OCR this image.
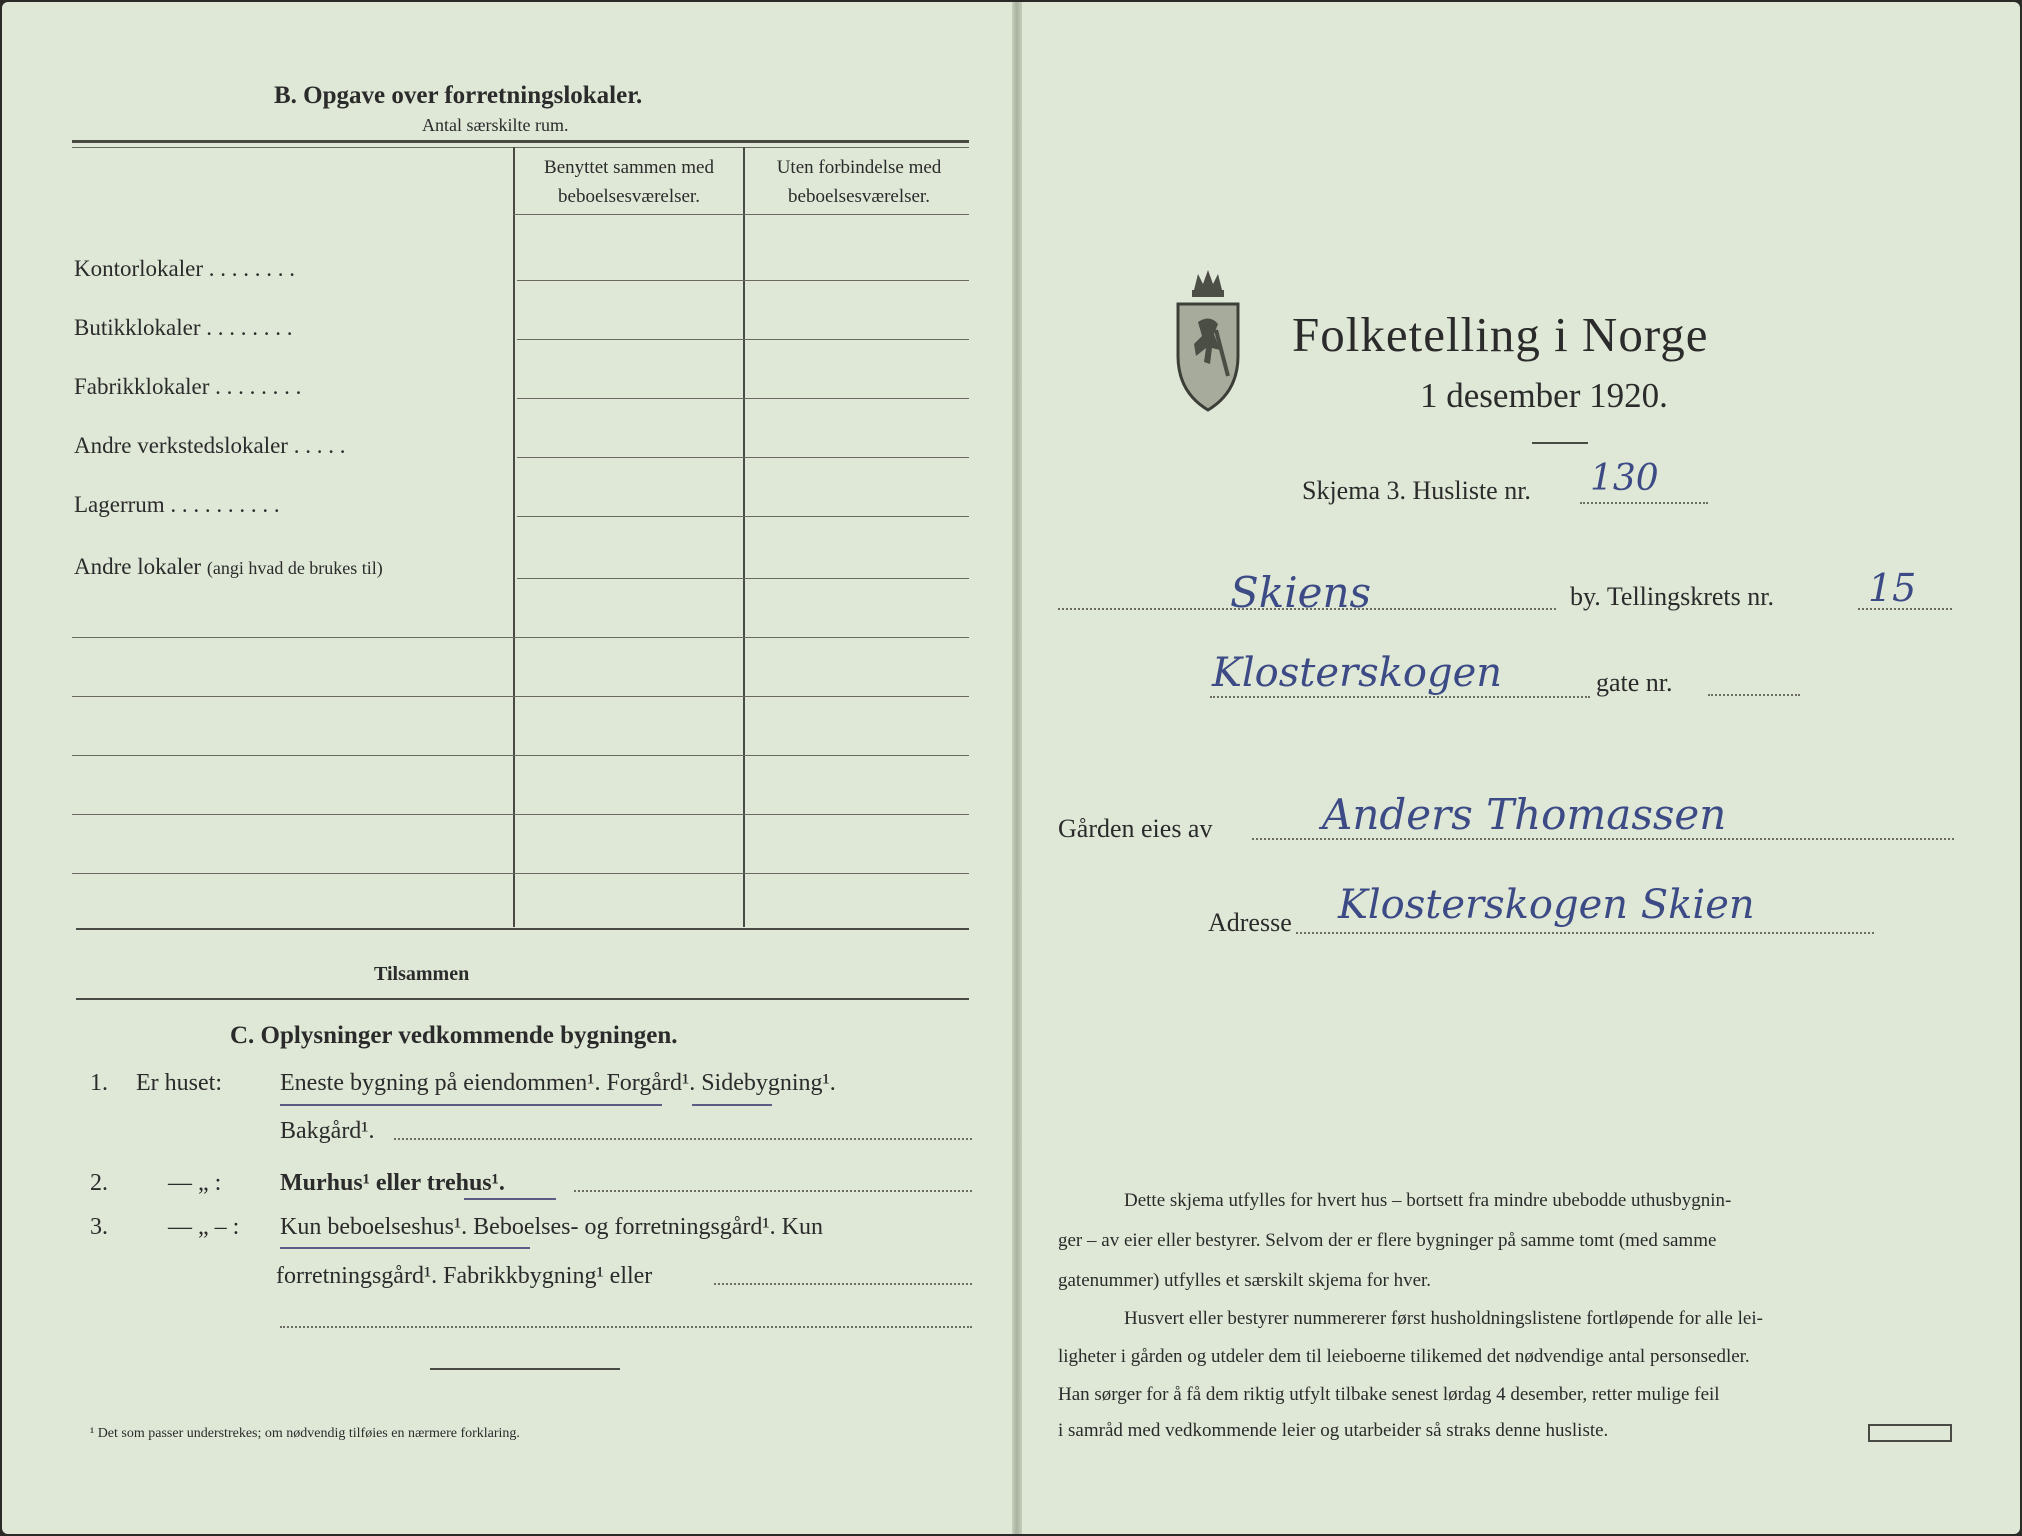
B. Opgave over forretningslokaler.
Antal særskilte rum.
Benyttet sammen med
beboelsesværelser.
Uten forbindelse med
beboelsesværelser.
Kontorlokaler . . . . . . . .
Butikklokaler . . . . . . . .
Fabrikklokaler . . . . . . . .
Andre verkstedslokaler . . . . .
Lagerrum . . . . . . . . . .
Andre lokaler (angi hvad de brukes til)
Tilsammen
C. Oplysninger vedkommende bygningen.
1. Er huset: Eneste bygning på eiendommen¹. Forgård¹. Sidebygning¹.
Bakgård¹.
2.	— „ : Murhus¹ eller trehus¹.
3.	— „ – : Kun beboelseshus¹. Beboelses- og forretningsgård¹. Kun
forretningsgård¹. Fabrikkbygning¹ eller
¹ Det som passer understrekes; om nødvendig tilføies en nærmere forklaring.
Folketelling i Norge
1 desember 1920.
Skjema 3. Husliste nr. 130
Skiens	by. Tellingskrets nr. 15
Klosterskogen	gate nr.
Gården eies av	Anders Thomassen
Adresse Klosterskogen Skien
Dette skjema utfylles for hvert hus – bortsett fra mindre ubebodde uthusbygnin-
ger – av eier eller bestyrer. Selvom der er flere bygninger på samme tomt (med samme
gatenummer) utfylles et særskilt skjema for hver.
Husvert eller bestyrer nummererer først husholdningslistene fortløpende for alle lei-
ligheter i gården og utdeler dem til leieboerne tilikemed det nødvendige antal personsedler.
Han sørger for å få dem riktig utfylt tilbake senest lørdag 4 desember, retter mulige feil
i samråd med vedkommende leier og utarbeider så straks denne husliste.
